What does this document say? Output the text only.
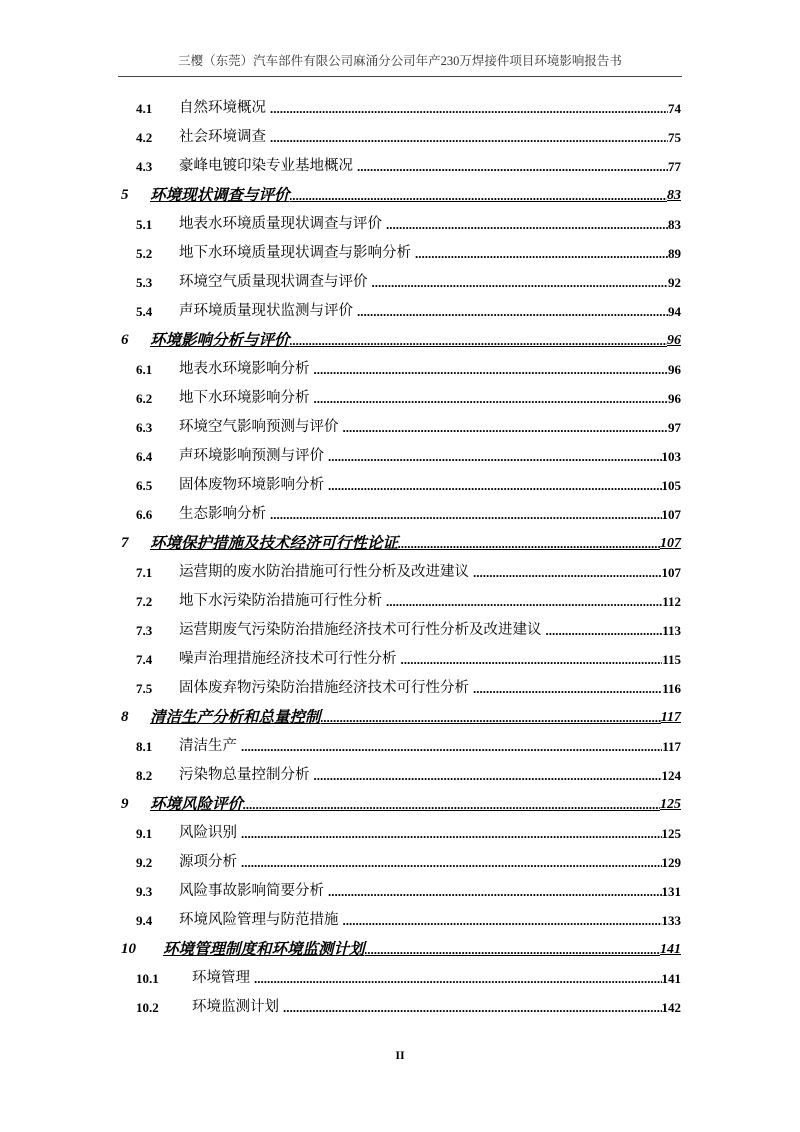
三樱（东莞）汽车部件有限公司麻涌分公司年产230万焊接件项目环境影响报告书
4.1	自然环境概况 .....	74
4.2	社会环境调查 .....	75
4.3	豪峰电镀印染专业基地概况 .....	77
5	环境现状调查与评价 .....	83
5.1	地表水环境质量现状调查与评价 .....	83
5.2	地下水环境质量现状调查与影响分析 .....	89
5.3	环境空气质量现状调查与评价 .....	92
5.4	声环境质量现状监测与评价 .....	94
6	环境影响分析与评价 .....	96
6.1	地表水环境影响分析 .....	96
6.2	地下水环境影响分析 .....	96
6.3	环境空气影响预测与评价 .....	97
6.4	声环境影响预测与评价 .....	103
6.5	固体废物环境影响分析 .....	105
6.6	生态影响分析 .....	107
7	环境保护措施及技术经济可行性论证 .....	107
7.1	运营期的废水防治措施可行性分析及改进建议 .....	107
7.2	地下水污染防治措施可行性分析 .....	112
7.3	运营期废气污染防治措施经济技术可行性分析及改进建议 .....	113
7.4	噪声治理措施经济技术可行性分析 .....	115
7.5	固体废弃物污染防治措施经济技术可行性分析 .....	116
8	清洁生产分析和总量控制 .....	117
8.1	清洁生产 .....	117
8.2	污染物总量控制分析 .....	124
9	环境风险评价 .....	125
9.1	风险识别 .....	125
9.2	源项分析 .....	129
9.3	风险事故影响简要分析 .....	131
9.4	环境风险管理与防范措施 .....	133
10	环境管理制度和环境监测计划 .....	141
10.1	环境管理 .....	141
10.2	环境监测计划 .....	142
II
